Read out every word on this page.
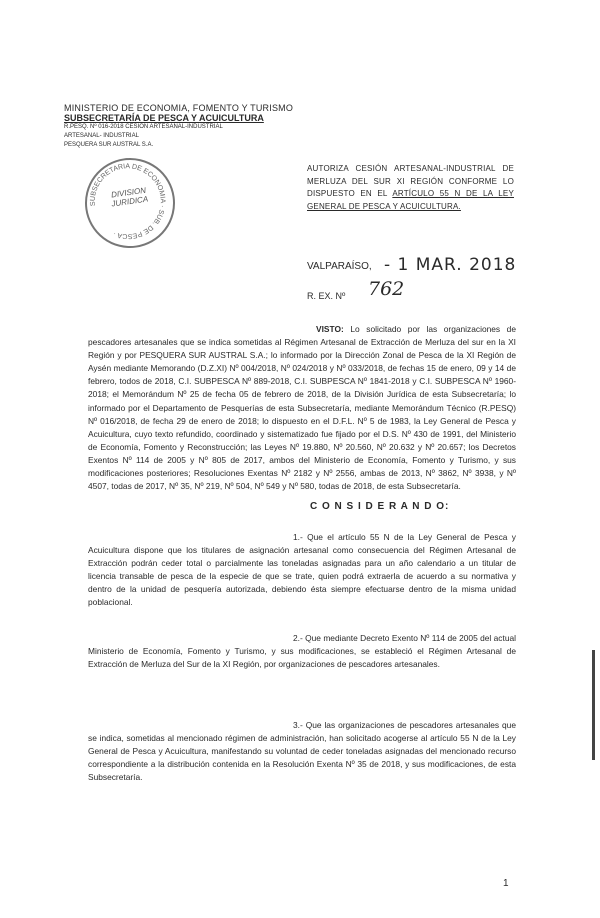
MINISTERIO DE ECONOMIA, FOMENTO Y TURISMO
SUBSECRETARÍA DE PESCA Y ACUICULTURA
R.PESQ. Nº 016-2018 CESIÓN ARTESANAL-INDUSTRIAL
ARTESANAL- INDUSTRIAL
PESQUERA SUR AUSTRAL S.A.
SUBSECRETARIA DE ECONOMIA · SUB. DE PESCA ·
DIVISION JURIDICA
AUTORIZA CESIÓN ARTESANAL-INDUSTRIAL DE MERLUZA DEL SUR XI REGIÓN CONFORME LO DISPUESTO EN EL ARTÍCULO 55 N DE LA LEY GENERAL DE PESCA Y ACUICULTURA.
VALPARAÍSO, - 1 MAR. 2018
R. EX. Nº 762
VISTO: Lo solicitado por las organizaciones de pescadores artesanales que se indica sometidas al Régimen Artesanal de Extracción de Merluza del sur en la XI Región y por PESQUERA SUR AUSTRAL S.A.; lo informado por la Dirección Zonal de Pesca de la XI Región de Aysén mediante Memorando (D.Z.XI) Nº 004/2018, Nº 024/2018 y Nº 033/2018, de fechas 15 de enero, 09 y 14 de febrero, todos de 2018, C.I. SUBPESCA Nº 889-2018, C.I. SUBPESCA Nº 1841-2018 y C.I. SUBPESCA Nº 1960-2018; el Memorándum Nº 25 de fecha 05 de febrero de 2018, de la División Jurídica de esta Subsecretaría; lo informado por el Departamento de Pesquerías de esta Subsecretaría, mediante Memorándum Técnico (R.PESQ) Nº 016/2018, de fecha 29 de enero de 2018; lo dispuesto en el D.F.L. Nº 5 de 1983, la Ley General de Pesca y Acuicultura, cuyo texto refundido, coordinado y sistematizado fue fijado por el D.S. Nº 430 de 1991, del Ministerio de Economía, Fomento y Reconstrucción; las Leyes Nº 19.880, Nº 20.560, Nº 20.632 y Nº 20.657; los Decretos Exentos Nº 114 de 2005 y Nº 805 de 2017, ambos del Ministerio de Economía, Fomento y Turismo, y sus modificaciones posteriores; Resoluciones Exentas Nº 2182 y Nº 2556, ambas de 2013, Nº 3862, Nº 3938, y Nº 4507, todas de 2017, Nº 35, Nº 219, Nº 504, Nº 549 y Nº 580, todas de 2018, de esta Subsecretaría.
C O N S I D E R A N D O:
1.- Que el artículo 55 N de la Ley General de Pesca y Acuicultura dispone que los titulares de asignación artesanal como consecuencia del Régimen Artesanal de Extracción podrán ceder total o parcialmente las toneladas asignadas para un año calendario a un titular de licencia transable de pesca de la especie de que se trate, quien podrá extraerla de acuerdo a su normativa y dentro de la unidad de pesquería autorizada, debiendo ésta siempre efectuarse dentro de la misma unidad poblacional.
2.- Que mediante Decreto Exento Nº 114 de 2005 del actual Ministerio de Economía, Fomento y Turismo, y sus modificaciones, se estableció el Régimen Artesanal de Extracción de Merluza del Sur de la XI Región, por organizaciones de pescadores artesanales.
3.- Que las organizaciones de pescadores artesanales que se indica, sometidas al mencionado régimen de administración, han solicitado acogerse al artículo 55 N de la Ley General de Pesca y Acuicultura, manifestando su voluntad de ceder toneladas asignadas del mencionado recurso correspondiente a la distribución contenida en la Resolución Exenta Nº 35 de 2018, y sus modificaciones, de esta Subsecretaría.
1
